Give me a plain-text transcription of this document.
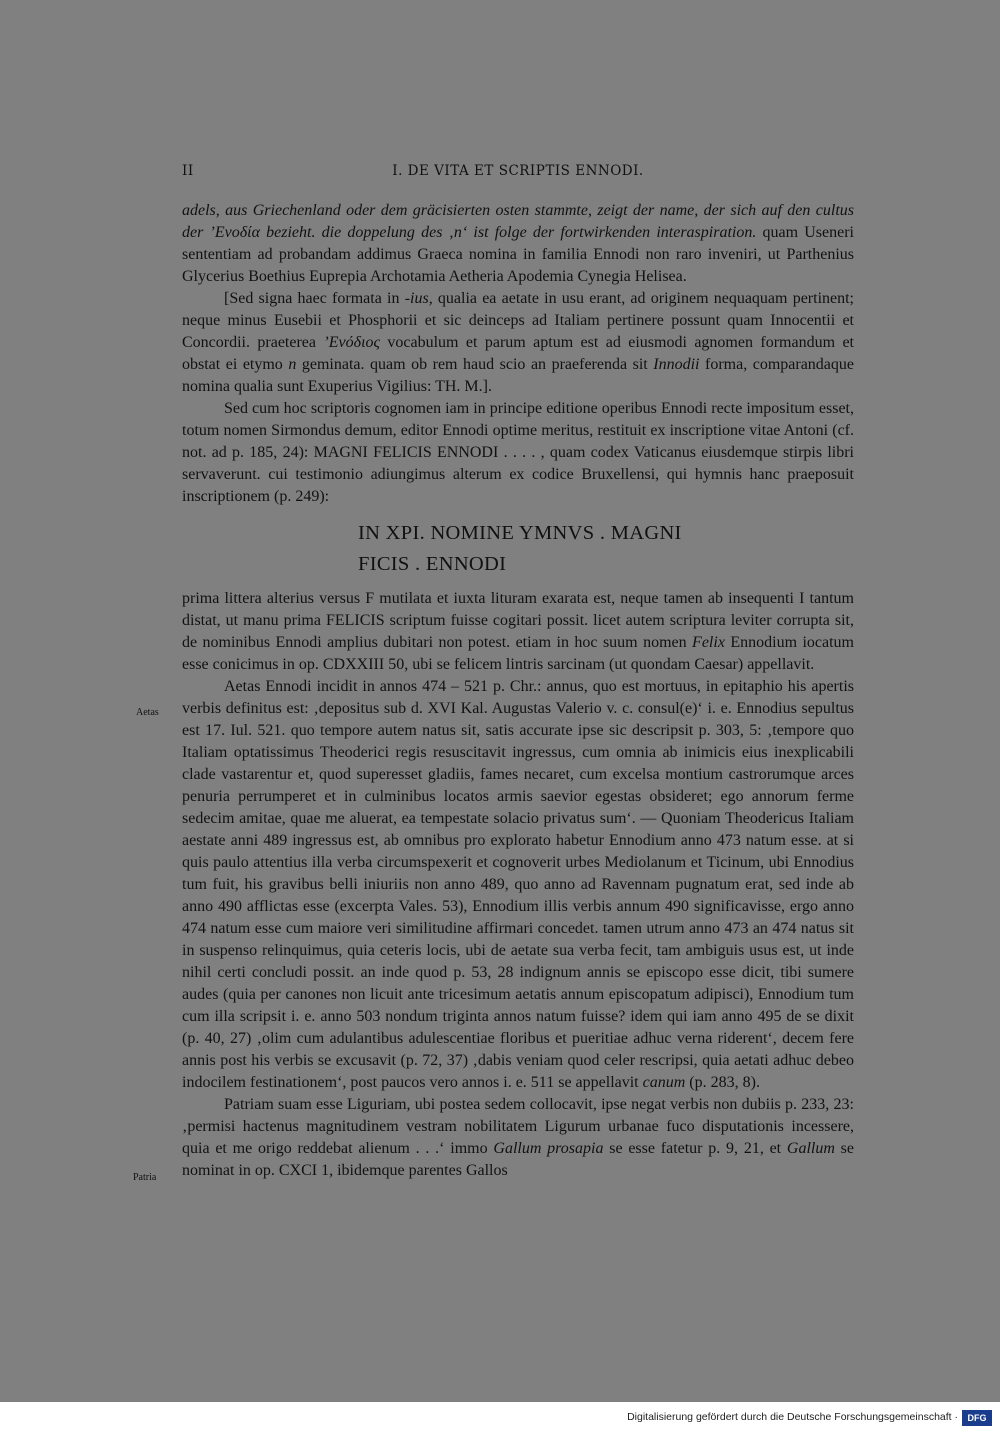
II	I. DE VITA ET SCRIPTIS ENNODI.

adels, aus Griechenland oder dem gräcisierten osten stammte, zeigt der name, der sich auf den cultus der ʼΕνοδία bezieht. die doppelung des ‚n‘ ist folge der fortwirkenden interaspiration. quam Useneri sententiam ad probandam addimus Graeca nomina in familia Ennodi non raro inveniri, ut Parthenius Glycerius Boethius Euprepia Archotamia Aetheria Apodemia Cynegia Helisea.

[Sed signa haec formata in -ius, qualia ea aetate in usu erant, ad originem nequaquam pertinent; neque minus Eusebii et Phosphorii et sic deinceps ad Italiam pertinere possunt quam Innocentii et Concordii. praeterea ʼΕνόδιος vocabulum et parum aptum est ad eiusmodi agnomen formandum et obstat ei etymo n geminata. quam ob rem haud scio an praeferenda sit Innodii forma, comparandaque nomina qualia sunt Exuperius Vigilius: TH. M.].

Sed cum hoc scriptoris cognomen iam in principe editione operibus Ennodi recte impositum esset, totum nomen Sirmondus demum, editor Ennodi optime meritus, restituit ex inscriptione vitae Antoni (cf. not. ad p. 185, 24): MAGNI FELICIS ENNODI . . . . , quam codex Vaticanus eiusdemque stirpis libri servaverunt. cui testimonio adiungimus alterum ex codice Bruxellensi, qui hymnis hanc praeposuit inscriptionem (p. 249):

IN XPI. NOMINE YMNVS . MAGNI
FICIS . ENNODI

prima littera alterius versus F mutilata et iuxta lituram exarata est, neque tamen ab insequenti I tantum distat, ut manu prima FELICIS scriptum fuisse cogitari possit. licet autem scriptura leviter corrupta sit, de nominibus Ennodi amplius dubitari non potest. etiam in hoc suum nomen Felix Ennodium iocatum esse conicimus in op. CDXXIII 50, ubi se felicem lintris sarcinam (ut quondam Caesar) appellavit.

Aetas Ennodi incidit in annos 474 – 521 p. Chr.: annus, quo est mortuus, in epitaphio his apertis verbis definitus est: ‚depositus sub d. XVI Kal. Augustas Valerio v. c. consul(e)‘ i. e. Ennodius sepultus est 17. Iul. 521. quo tempore autem natus sit, satis accurate ipse sic descripsit p. 303, 5: ‚tempore quo Italiam optatissimus Theoderici regis resuscitavit ingressus, cum omnia ab inimicis eius inexplicabili clade vastarentur et, quod superesset gladiis, fames necaret, cum excelsa montium castrorumque arces penuria perrumperet et in culminibus locatos armis saevior egestas obsideret; ego annorum ferme sedecim amitae, quae me aluerat, ea tempestate solacio privatus sum‘. — Quoniam Theodericus Italiam aestate anni 489 ingressus est, ab omnibus pro explorato habetur Ennodium anno 473 natum esse. at si quis paulo attentius illa verba circumspexerit et cognoverit urbes Mediolanum et Ticinum, ubi Ennodius tum fuit, his gravibus belli iniuriis non anno 489, quo anno ad Ravennam pugnatum erat, sed inde ab anno 490 afflictas esse (excerpta Vales. 53), Ennodium illis verbis annum 490 significavisse, ergo anno 474 natum esse cum maiore veri similitudine affirmari concedet. tamen utrum anno 473 an 474 natus sit in suspenso relinquimus, quia ceteris locis, ubi de aetate sua verba fecit, tam ambiguis usus est, ut inde nihil certi concludi possit. an inde quod p. 53, 28 indignum annis se episcopo esse dicit, tibi sumere audes (quia per canones non licuit ante tricesimum aetatis annum episcopatum adipisci), Ennodium tum cum illa scripsit i. e. anno 503 nondum triginta annos natum fuisse? idem qui iam anno 495 de se dixit (p. 40, 27) ‚olim cum adulantibus adulescentiae floribus et pueritiae adhuc verna riderent‘, decem fere annis post his verbis se excusavit (p. 72, 37) ‚dabis veniam quod celer rescripsi, quia aetati adhuc debeo indocilem festinationem‘, post paucos vero annos i. e. 511 se appellavit canum (p. 283, 8).

Patriam suam esse Liguriam, ubi postea sedem collocavit, ipse negat verbis non dubiis p. 233, 23: ‚permisi hactenus magnitudinem vestram nobilitatem Ligurum urbanae fuco disputationis incessere, quia et me origo reddebat alienum . . .‘ immo Gallum prosapia se esse fatetur p. 9, 21, et Gallum se nominat in op. CXCI 1, ibidemque parentes Gallos

Aetas
Patria
Digitalisierung gefördert durch die Deutsche Forschungsgemeinschaft ·	DFG
